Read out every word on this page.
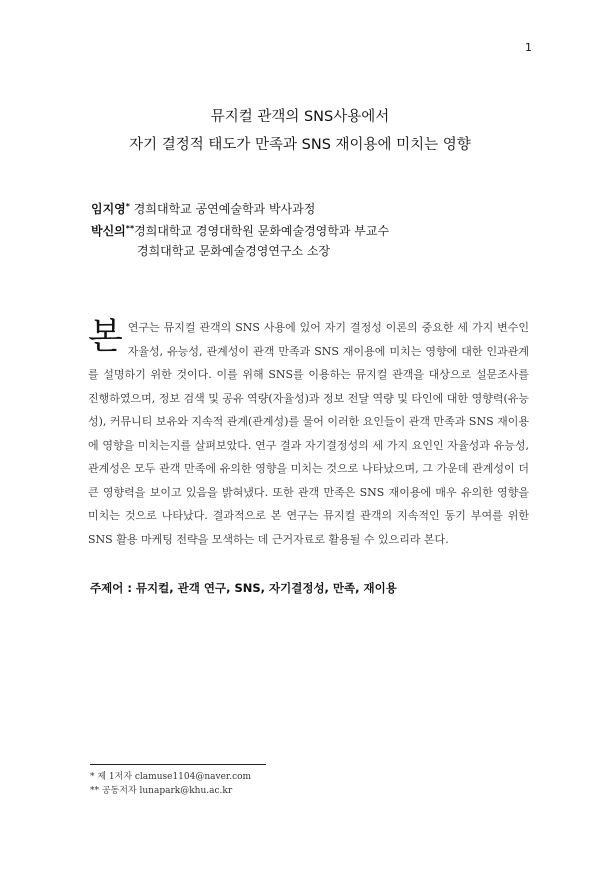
1
뮤지컬 관객의 SNS사용에서
자기 결정적 태도가 만족과 SNS 재이용에 미치는 영향
임지영* 경희대학교 공연예술학과 박사과정
박신의**경희대학교 경영대학원 문화예술경영학과 부교수
경희대학교 문화예술경영연구소 소장
본연구는 뮤지컬 관객의 SNS 사용에 있어 자기 결정성 이론의 중요한 세 가지 변수인 자율성, 유능성, 관계성이 관객 만족과 SNS 재이용에 미치는 영향에 대한 인과관계를 설명하기 위한 것이다. 이를 위해 SNS를 이용하는 뮤지컬 관객을 대상으로 설문조사를 진행하였으며, 정보 검색 및 공유 역량(자율성)과 정보 전달 역량 및 타인에 대한 영향력(유능성), 커뮤니티 보유와 지속적 관계(관계성)를 물어 이러한 요인들이 관객 만족과 SNS 재이용에 영향을 미치는지를 살펴보았다. 연구 결과 자기결정성의 세 가지 요인인 자율성과 유능성, 관계성은 모두 관객 만족에 유의한 영향을 미치는 것으로 나타났으며, 그 가운데 관계성이 더 큰 영향력을 보이고 있음을 밝혀냈다. 또한 관객 만족은 SNS 재이용에 매우 유의한 영향을 미치는 것으로 나타났다. 결과적으로 본 연구는 뮤지컬 관객의 지속적인 동기 부여를 위한 SNS 활용 마케팅 전략을 모색하는 데 근거자료로 활용될 수 있으리라 본다.
주제어 : 뮤지컬, 관객 연구, SNS, 자기결정성, 만족, 재이용
* 제 1저자 clamuse1104@naver.com
** 공동저자 lunapark@khu.ac.kr
